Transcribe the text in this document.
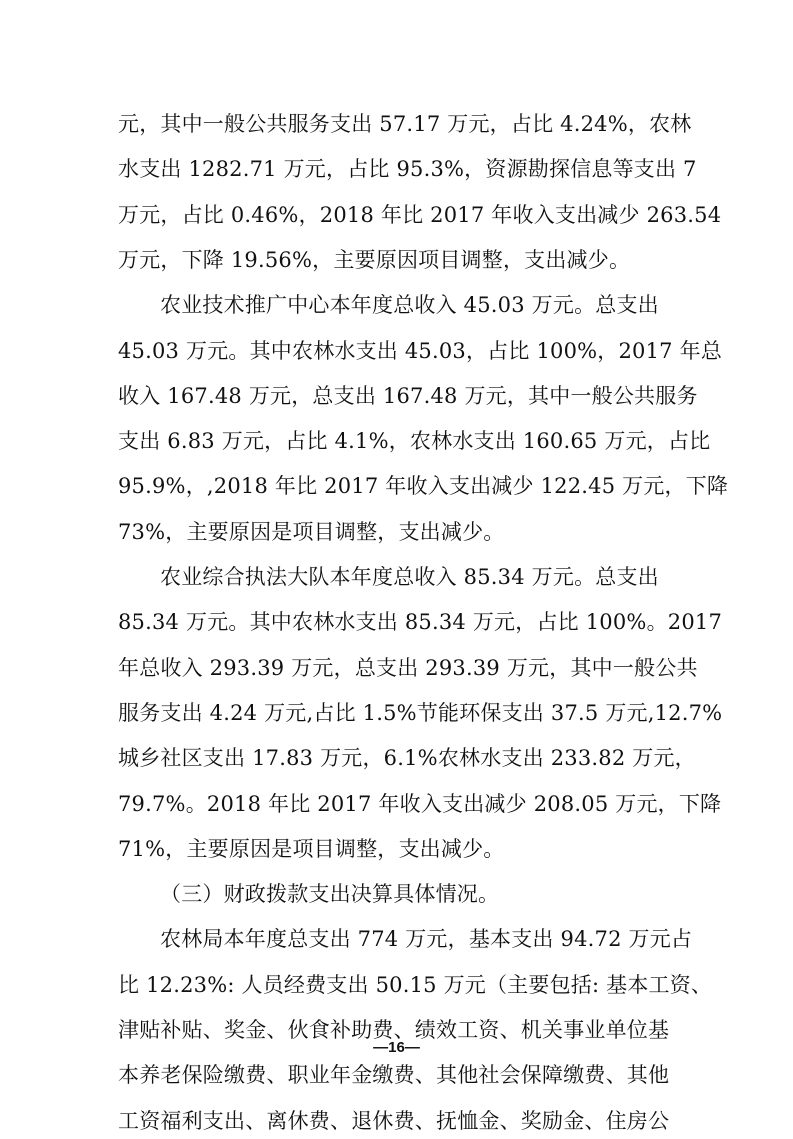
元，其中一般公共服务支出 57.17 万元，占比 4.24%，农林
水支出 1282.71 万元，占比 95.3%，资源勘探信息等支出 7
万元，占比 0.46%，2018 年比 2017 年收入支出减少 263.54
万元，下降 19.56%，主要原因项目调整，支出减少。
农业技术推广中心本年度总收入 45.03 万元。总支出
45.03 万元。其中农林水支出 45.03，占比 100%，2017 年总
收入 167.48 万元，总支出 167.48 万元，其中一般公共服务
支出 6.83 万元，占比 4.1%，农林水支出 160.65 万元，占比
95.9%，,2018 年比 2017 年收入支出减少 122.45 万元，下降
73%，主要原因是项目调整，支出减少。
农业综合执法大队本年度总收入 85.34 万元。总支出
85.34 万元。其中农林水支出 85.34 万元，占比 100%。2017
年总收入 293.39 万元，总支出 293.39 万元，其中一般公共
服务支出 4.24 万元,占比 1.5%节能环保支出 37.5 万元,12.7%
城乡社区支出 17.83 万元，6.1%农林水支出 233.82 万元，
79.7%。2018 年比 2017 年收入支出减少 208.05 万元，下降
71%，主要原因是项目调整，支出减少。
（三）财政拨款支出决算具体情况。
农林局本年度总支出 774 万元，基本支出 94.72 万元占
比 12.23%: 人员经费支出 50.15 万元（主要包括: 基本工资、
津贴补贴、奖金、伙食补助费、绩效工资、机关事业单位基
本养老保险缴费、职业年金缴费、其他社会保障缴费、其他
工资福利支出、离休费、退休费、抚恤金、奖励金、住房公
—16—
